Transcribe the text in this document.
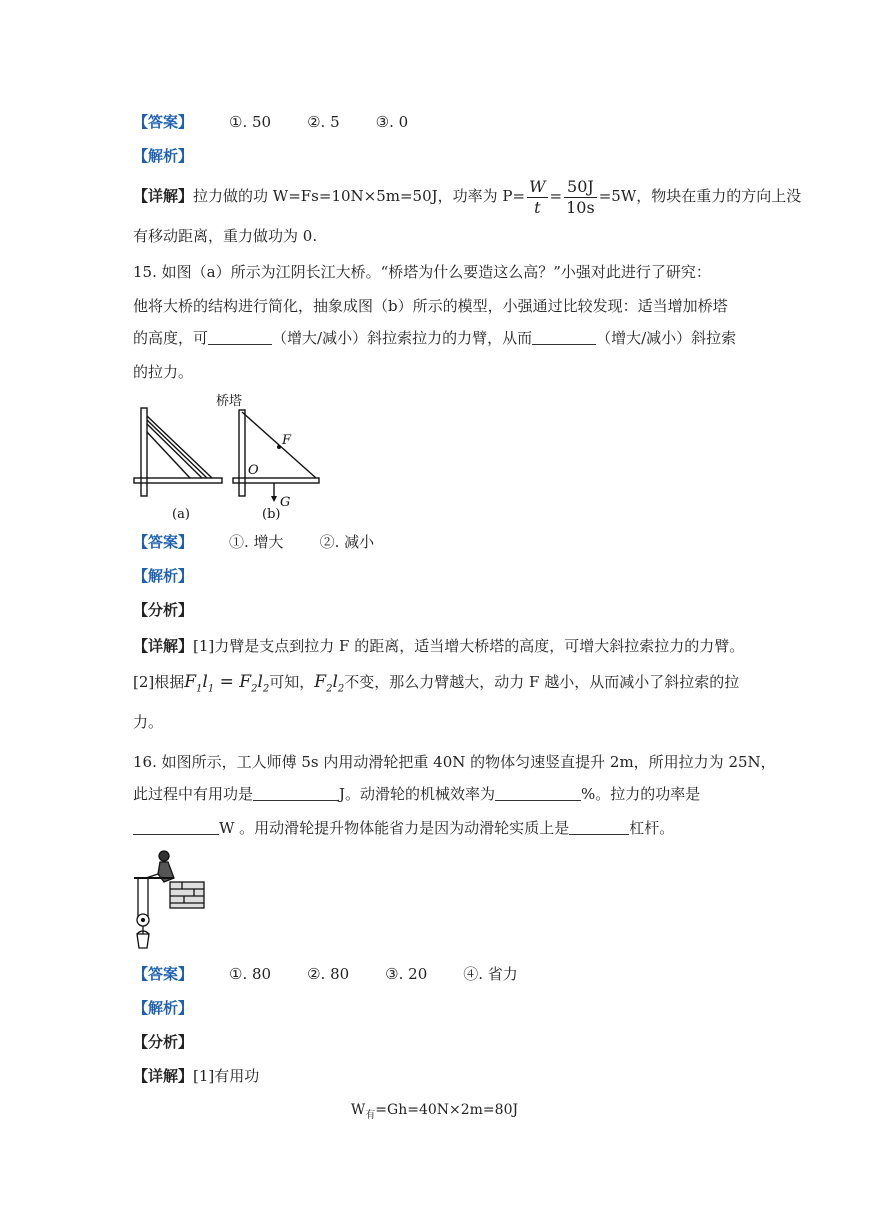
【答案】 ①. 50 ②. 5 ③. 0
【解析】
【详解】拉力做的功 W=Fs=10N×5m=50J，功率为 $P= \frac{W}{t} = \frac{50J}{10s} =5W$，物块在重力的方向上没
有移动距离，重力做功为 0.
15. 如图（a）所示为江阴长江大桥。“桥塔为什么要造这么高？”小强对此进行了研究：
他将大桥的结构进行简化，抽象成图（b）所示的模型，小强通过比较发现：适当增加桥塔
的高度，可	（增大/减小）斜拉索拉力的力臂，从而	（增大/减小）斜拉索
的拉力。
(a)
桥塔
F
O
G
(b)
【答案】 ①. 增大 ②. 减小
【解析】
【分析】
【详解】[1]力臂是支点到拉力 F 的距离，适当增大桥塔的高度，可增大斜拉索拉力的力臂。
[2]根据$F_1l_1 = F_2l_2$可知，$F_2l_2$不变，那么力臂越大，动力 F 越小，从而减小了斜拉索的拉
力。
16. 如图所示，工人师傅 5s 内用动滑轮把重 40N 的物体匀速竖直提升 2m，所用拉力为 25N，
此过程中有用功是	J。动滑轮的机械效率为	%。拉力的功率是
W 。用动滑轮提升物体能省力是因为动滑轮实质上是	杠杆。
【答案】 ①. 80 ②. 80 ③. 20 ④. 省力
【解析】
【分析】
【详解】[1]有用功
$W_有=Gh=40N\times 2m=80J$
